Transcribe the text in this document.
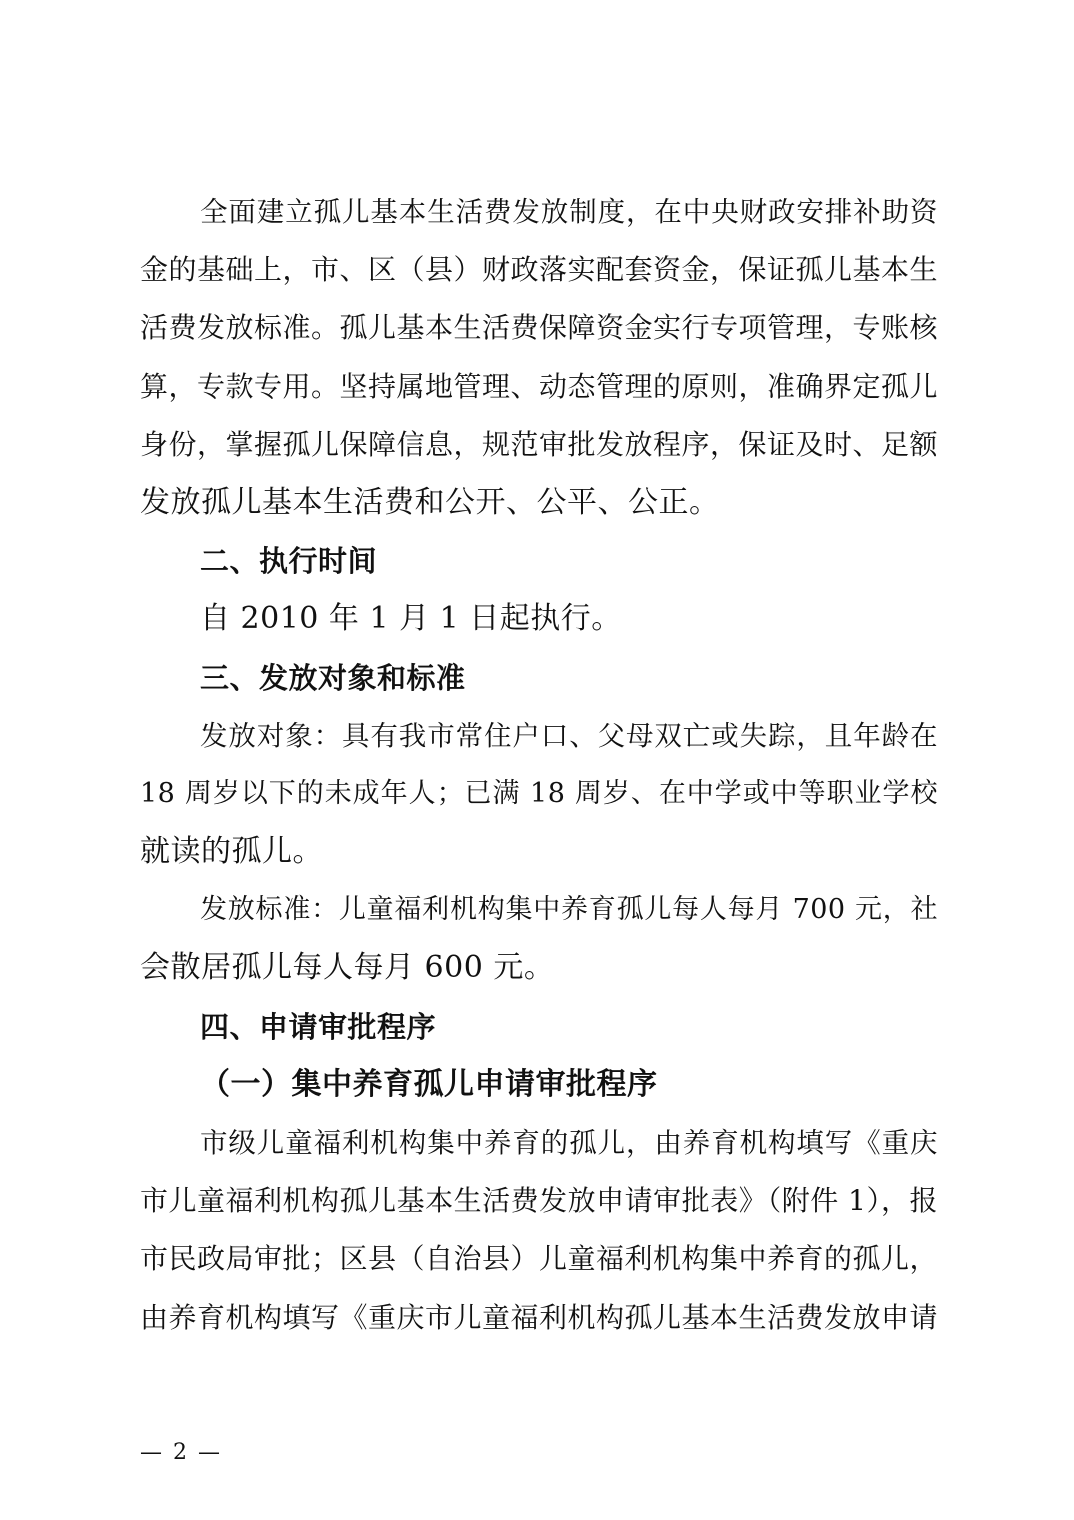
全面建立孤儿基本生活费发放制度，在中央财政安排补助资
金的基础上，市、区（县）财政落实配套资金，保证孤儿基本生
活费发放标准。孤儿基本生活费保障资金实行专项管理，专账核
算，专款专用。坚持属地管理、动态管理的原则，准确界定孤儿
身份，掌握孤儿保障信息，规范审批发放程序，保证及时、足额
发放孤儿基本生活费和公开、公平、公正。
二、执行时间
自 2010 年 1 月 1 日起执行。
三、发放对象和标准
发放对象：具有我市常住户口、父母双亡或失踪，且年龄在
18 周岁以下的未成年人；已满 18 周岁、在中学或中等职业学校
就读的孤儿。
发放标准：儿童福利机构集中养育孤儿每人每月 700 元，社
会散居孤儿每人每月 600 元。
四、申请审批程序
（一）集中养育孤儿申请审批程序
市级儿童福利机构集中养育的孤儿，由养育机构填写《重庆
市儿童福利机构孤儿基本生活费发放申请审批表》（附件 1），报
市民政局审批；区县（自治县）儿童福利机构集中养育的孤儿，
由养育机构填写《重庆市儿童福利机构孤儿基本生活费发放申请
— 2 —
